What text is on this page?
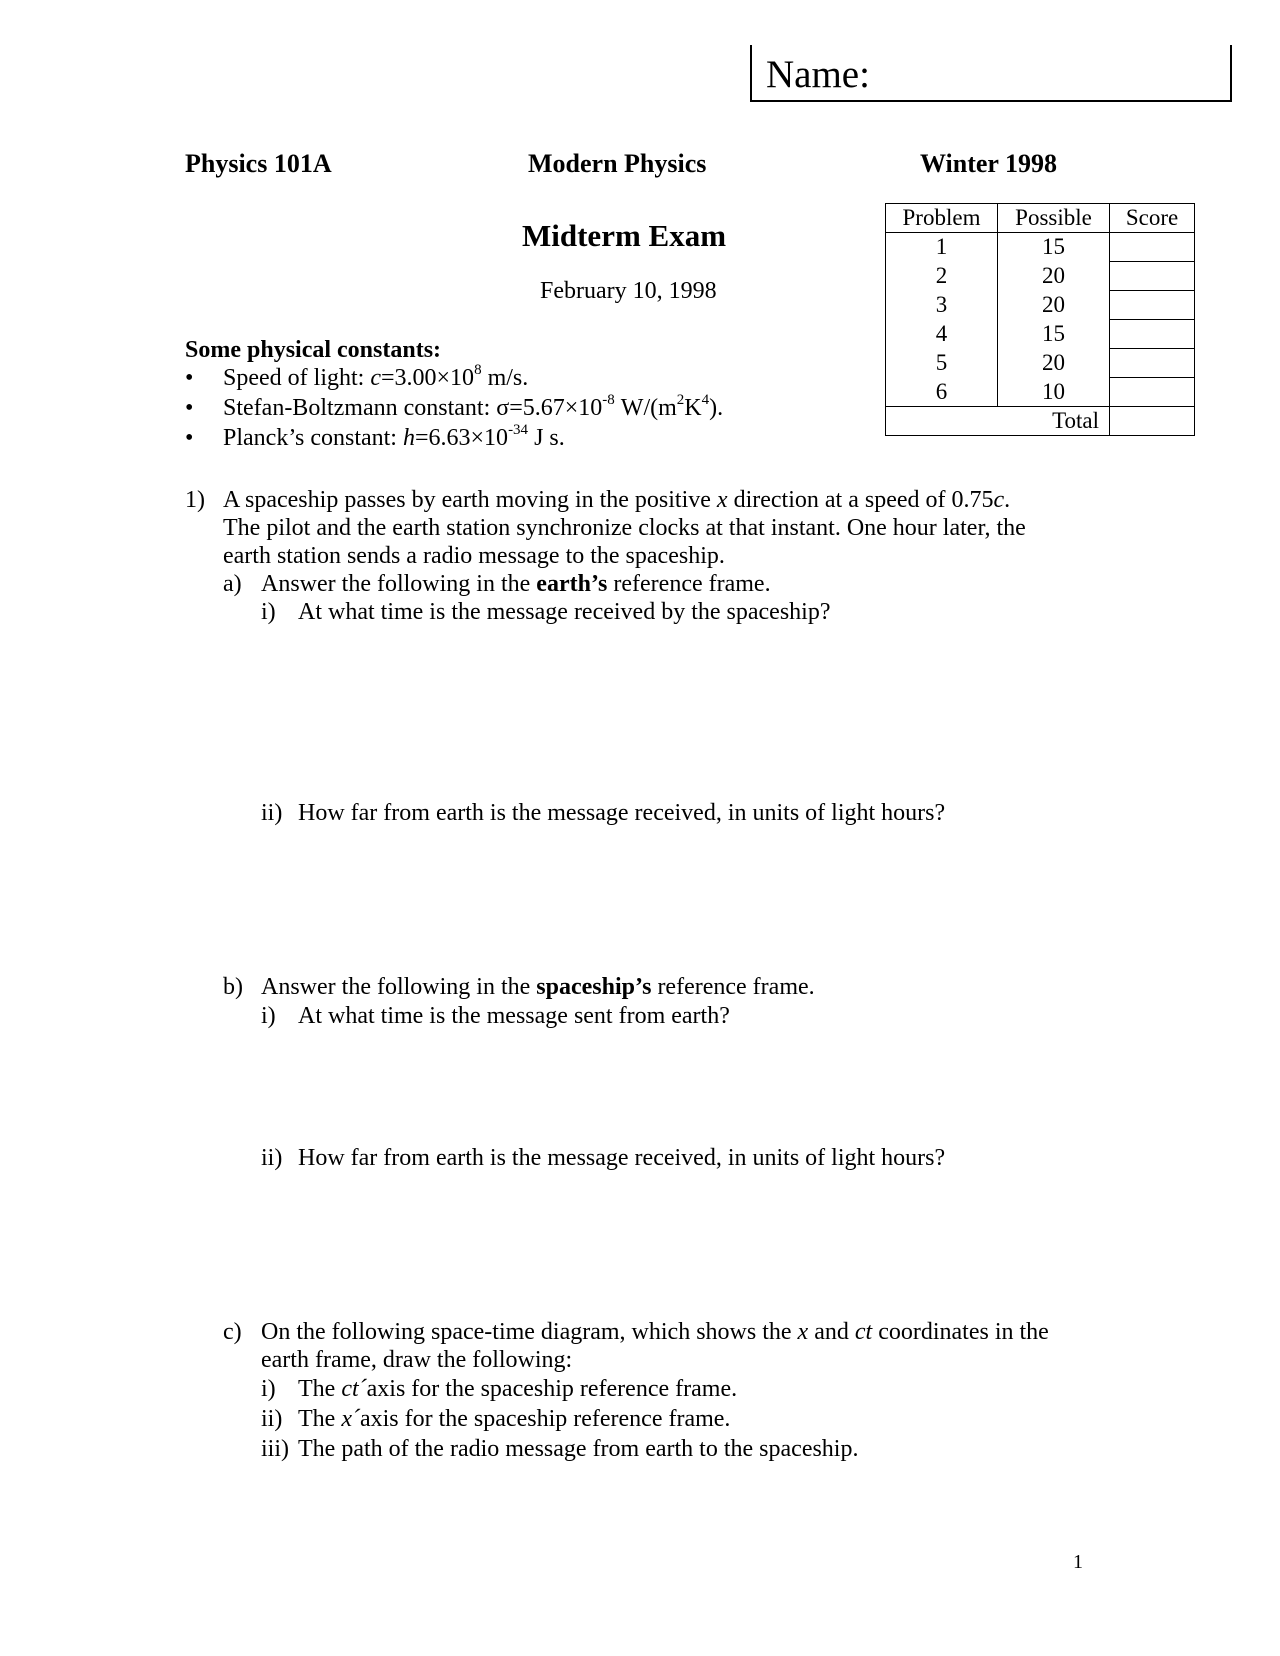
Name:
Physics 101A	Modern Physics	Winter 1998
Midterm Exam
February 10, 1998
Problem	Possible	Score
1	15	
2	20	
3	20	
4	15	
5	20	
6	10	
Total		
Some physical constants:
• Speed of light: $c=3.00\times 10^8$ m/s.
• Stefan-Boltzmann constant: $\sigma=5.67\times 10^{-8}$ $W/(m^2K^4)$.
• Planck’s constant: $h=6.63\times 10^{-34}$ J s.
1) A spaceship passes by earth moving in the positive x direction at a speed of 0.75c.
The pilot and the earth station synchronize clocks at that instant. One hour later, the
earth station sends a radio message to the spaceship.
a) Answer the following in the earth’s reference frame.
i) At what time is the message received by the spaceship?
ii) How far from earth is the message received, in units of light hours?
b) Answer the following in the spaceship’s reference frame.
i) At what time is the message sent from earth?
ii) How far from earth is the message received, in units of light hours?
c) On the following space-time diagram, which shows the x and ct coordinates in the
earth frame, draw the following:
i) The ct´axis for the spaceship reference frame.
ii) The x´axis for the spaceship reference frame.
iii) The path of the radio message from earth to the spaceship.
1
